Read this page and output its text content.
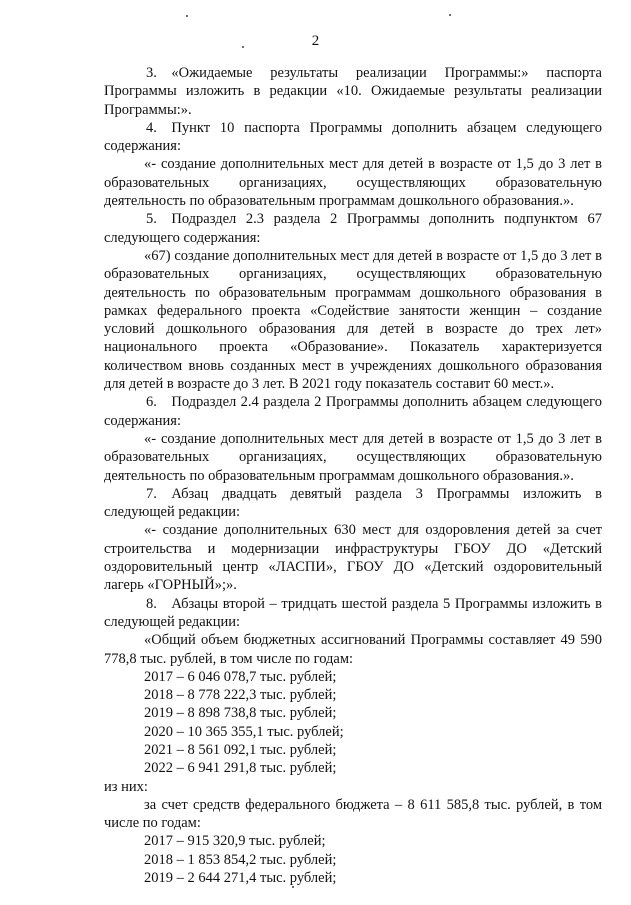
2

3. «Ожидаемые результаты реализации Программы:» паспорта Программы изложить в редакции «10. Ожидаемые результаты реализации Программы:».

4. Пункт 10 паспорта Программы дополнить абзацем следующего содержания:

«- создание дополнительных мест для детей в возрасте от 1,5 до 3 лет в образовательных организациях, осуществляющих образовательную деятельность по образовательным программам дошкольного образования.».

5. Подраздел 2.3 раздела 2 Программы дополнить подпунктом 67 следующего содержания:

«67) создание дополнительных мест для детей в возрасте от 1,5 до 3 лет в образовательных организациях, осуществляющих образовательную деятельность по образовательным программам дошкольного образования в рамках федерального проекта «Содействие занятости женщин – создание условий дошкольного образования для детей в возрасте до трех лет» национального проекта «Образование». Показатель характеризуется количеством вновь созданных мест в учреждениях дошкольного образования для детей в возрасте до 3 лет. В 2021 году показатель составит 60 мест.».

6. Подраздел 2.4 раздела 2 Программы дополнить абзацем следующего содержания:

«- создание дополнительных мест для детей в возрасте от 1,5 до 3 лет в образовательных организациях, осуществляющих образовательную деятельность по образовательным программам дошкольного образования.».

7. Абзац двадцать девятый раздела 3 Программы изложить в следующей редакции:

«- создание дополнительных 630 мест для оздоровления детей за счет строительства и модернизации инфраструктуры ГБОУ ДО «Детский оздоровительный центр «ЛАСПИ», ГБОУ ДО «Детский оздоровительный лагерь «ГОРНЫЙ»;».

8. Абзацы второй – тридцать шестой раздела 5 Программы изложить в следующей редакции:

«Общий объем бюджетных ассигнований Программы составляет 49 590 778,8 тыс. рублей, в том числе по годам:

2017 – 6 046 078,7 тыс. рублей;

2018 – 8 778 222,3 тыс. рублей;

2019 – 8 898 738,8 тыс. рублей;

2020 – 10 365 355,1 тыс. рублей;

2021 – 8 561 092,1 тыс. рублей;

2022 – 6 941 291,8 тыс. рублей;

из них:

за счет средств федерального бюджета – 8 611 585,8 тыс. рублей, в том числе по годам:

2017 – 915 320,9 тыс. рублей;

2018 – 1 853 854,2 тыс. рублей;

2019 – 2 644 271,4 тыс. рублей;
